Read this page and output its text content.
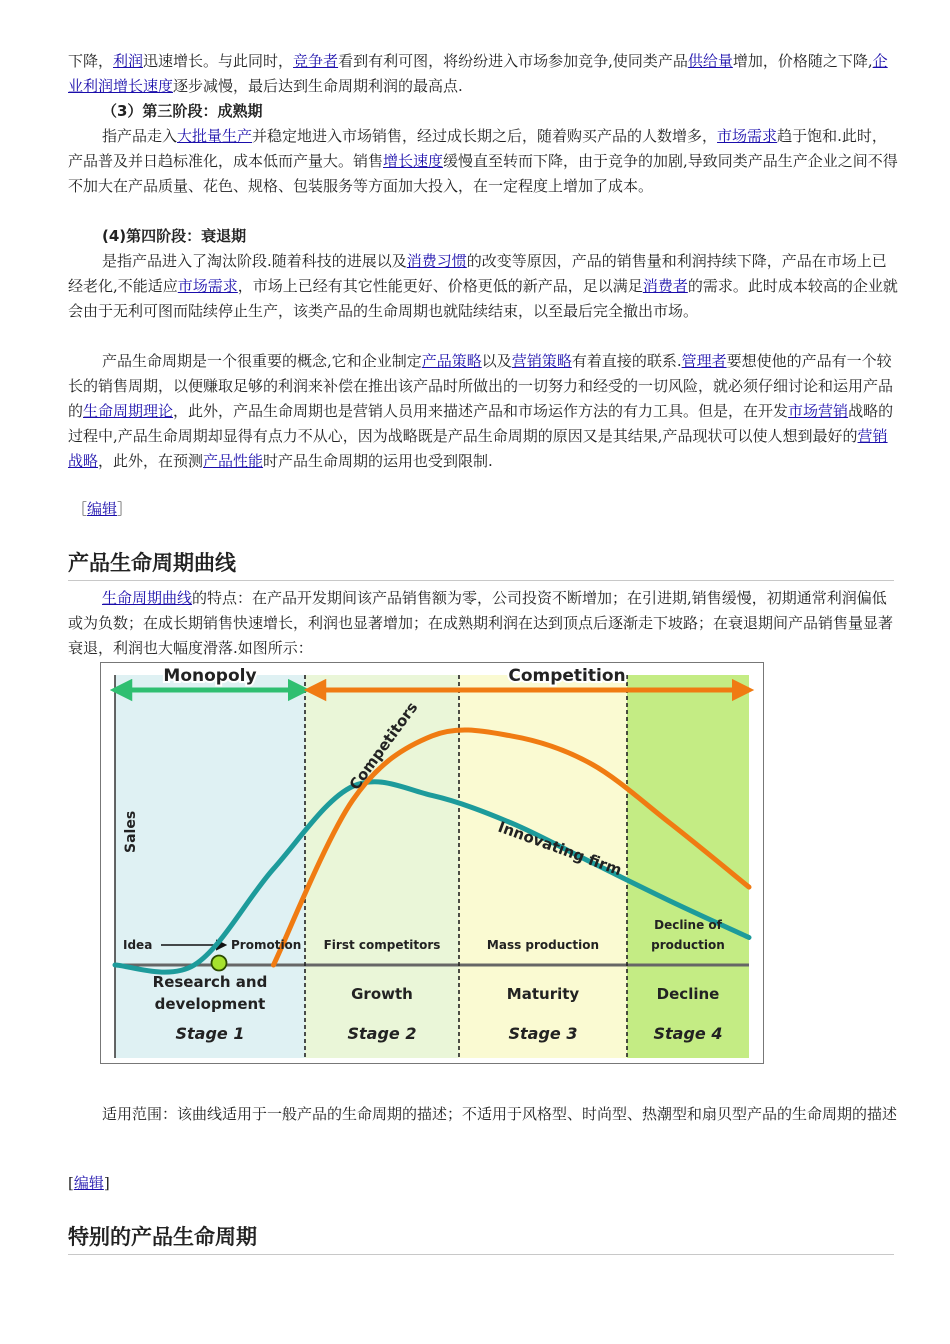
下降，利润迅速增长。与此同时，竞争者看到有利可图，将纷纷进入市场参加竞争,使同类产品供给量增加，价格随之下降,企业利润增长速度逐步减慢，最后达到生命周期利润的最高点.

（3）第三阶段：成熟期

指产品走入大批量生产并稳定地进入市场销售，经过成长期之后，随着购买产品的人数增多，市场需求趋于饱和.此时，产品普及并日趋标准化，成本低而产量大。销售增长速度缓慢直至转而下降，由于竞争的加剧,导致同类产品生产企业之间不得不加大在产品质量、花色、规格、包装服务等方面加大投入，在一定程度上增加了成本。

(4)第四阶段：衰退期

是指产品进入了淘汰阶段.随着科技的进展以及消费习惯的改变等原因，产品的销售量和利润持续下降，产品在市场上已经老化,不能适应市场需求，市场上已经有其它性能更好、价格更低的新产品，足以满足消费者的需求。此时成本较高的企业就会由于无利可图而陆续停止生产，该类产品的生命周期也就陆续结束，以至最后完全撤出市场。

产品生命周期是一个很重要的概念,它和企业制定产品策略以及营销策略有着直接的联系.管理者要想使他的产品有一个较长的销售周期，以便赚取足够的利润来补偿在推出该产品时所做出的一切努力和经受的一切风险，就必须仔细讨论和运用产品的生命周期理论，此外，产品生命周期也是营销人员用来描述产品和市场运作方法的有力工具。但是，在开发市场营销战略的过程中,产品生命周期却显得有点力不从心，因为战略既是产品生命周期的原因又是其结果,产品现状可以使人想到最好的营销战略，此外，在预测产品性能时产品生命周期的运用也受到限制.

［编辑］
产品生命周期曲线

生命周期曲线的特点：在产品开发期间该产品销售额为零，公司投资不断增加；在引进期,销售缓慢，初期通常利润偏低或为负数；在成长期销售快速增长，利润也显著增加；在成熟期利润在达到顶点后逐渐走下坡路；在衰退期间产品销售量显著衰退，利润也大幅度滑落.如图所示：

Monopoly	Competition
Competitors
Innovating firm
Sales
Idea	Promotion First competitors	Mass production
Decline of
production
Research and
development
Stage 1
Growth
Stage 2
Maturity
Stage 3
Decline
Stage 4

适用范围：该曲线适用于一般产品的生命周期的描述；不适用于风格型、时尚型、热潮型和扇贝型产品的生命周期的描述

[编辑]
特别的产品生命周期
